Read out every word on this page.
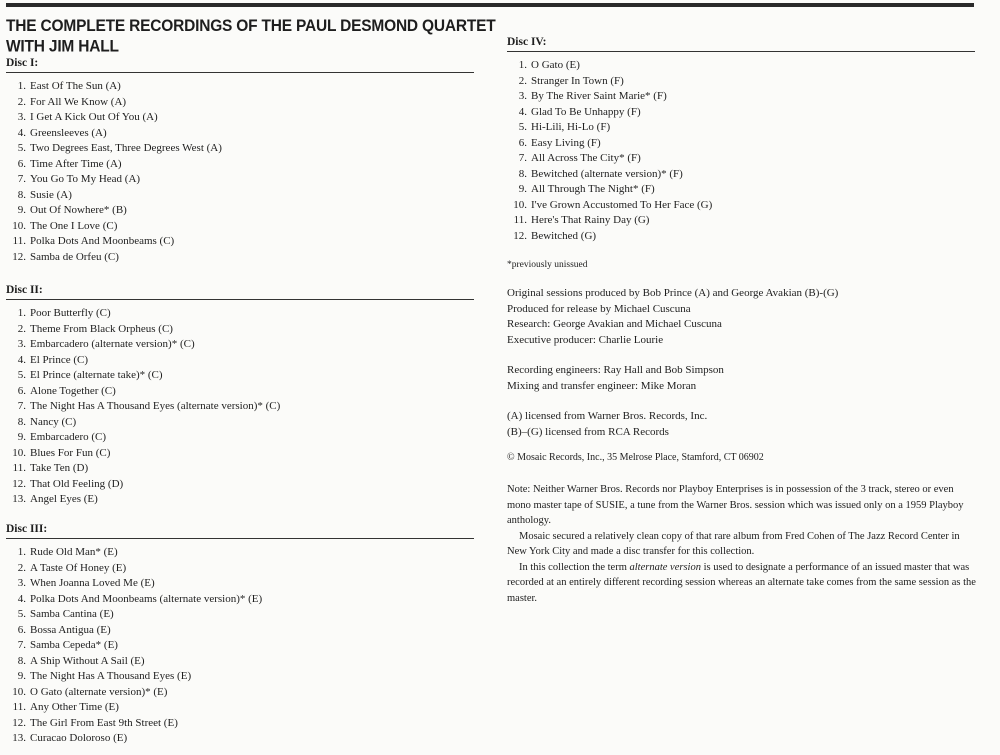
THE COMPLETE RECORDINGS OF THE PAUL DESMOND QUARTET
WITH JIM HALL
Disc I:
1. East Of The Sun (A)
2. For All We Know (A)
3. I Get A Kick Out Of You (A)
4. Greensleeves (A)
5. Two Degrees East, Three Degrees West (A)
6. Time After Time (A)
7. You Go To My Head (A)
8. Susie (A)
9. Out Of Nowhere* (B)
10. The One I Love (C)
11. Polka Dots And Moonbeams (C)
12. Samba de Orfeu (C)
Disc II:
1. Poor Butterfly (C)
2. Theme From Black Orpheus (C)
3. Embarcadero (alternate version)* (C)
4. El Prince (C)
5. El Prince (alternate take)* (C)
6. Alone Together (C)
7. The Night Has A Thousand Eyes (alternate version)* (C)
8. Nancy (C)
9. Embarcadero (C)
10. Blues For Fun (C)
11. Take Ten (D)
12. That Old Feeling (D)
13. Angel Eyes (E)
Disc III:
1. Rude Old Man* (E)
2. A Taste Of Honey (E)
3. When Joanna Loved Me (E)
4. Polka Dots And Moonbeams (alternate version)* (E)
5. Samba Cantina (E)
6. Bossa Antigua (E)
7. Samba Cepeda* (E)
8. A Ship Without A Sail (E)
9. The Night Has A Thousand Eyes (E)
10. O Gato (alternate version)* (E)
11. Any Other Time (E)
12. The Girl From East 9th Street (E)
13. Curacao Doloroso (E)
Disc IV:
1. O Gato (E)
2. Stranger In Town (F)
3. By The River Saint Marie* (F)
4. Glad To Be Unhappy (F)
5. Hi-Lili, Hi-Lo (F)
6. Easy Living (F)
7. All Across The City* (F)
8. Bewitched (alternate version)* (F)
9. All Through The Night* (F)
10. I've Grown Accustomed To Her Face (G)
11. Here's That Rainy Day (G)
12. Bewitched (G)
*previously unissued

Original sessions produced by Bob Prince (A) and George Avakian (B)-(G)

Produced for release by Michael Cuscuna

Research: George Avakian and Michael Cuscuna

Executive producer: Charlie Lourie

Recording engineers: Ray Hall and Bob Simpson

Mixing and transfer engineer: Mike Moran

(A) licensed from Warner Bros. Records, Inc.

(B)–(G) licensed from RCA Records

© Mosaic Records, Inc., 35 Melrose Place, Stamford, CT 06902

Note: Neither Warner Bros. Records nor Playboy Enterprises is in possession of the 3 track, stereo or even mono master tape of SUSIE, a tune from the Warner Bros. session which was issued only on a 1959 Playboy anthology.

Mosaic secured a relatively clean copy of that rare album from Fred Cohen of The Jazz Record Center in New York City and made a disc transfer for this collection.

In this collection the term alternate version is used to designate a performance of an issued master that was recorded at an entirely different recording session whereas an alternate take comes from the same session as the master.
